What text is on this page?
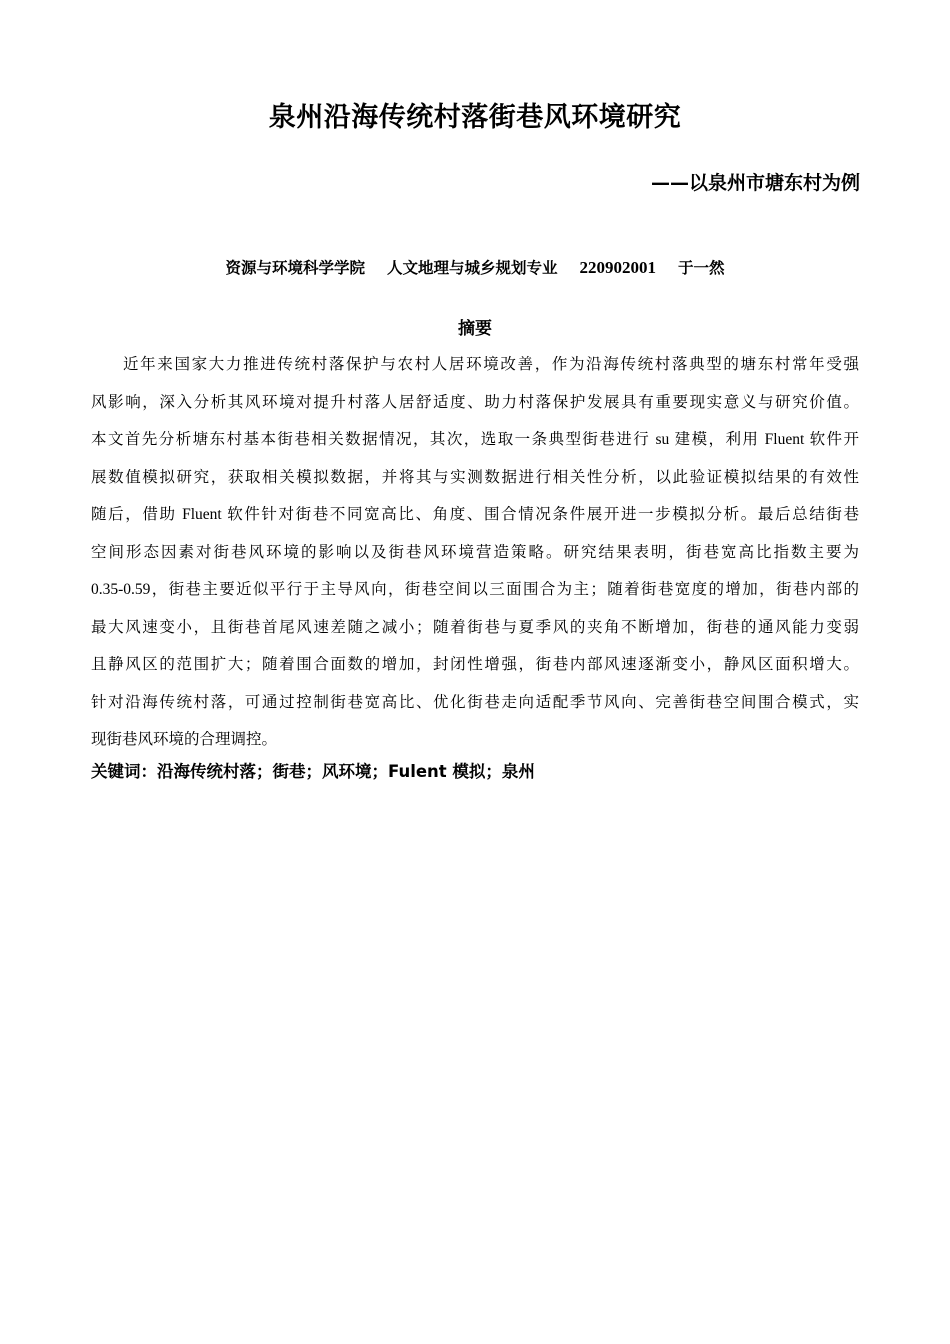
泉州沿海传统村落街巷风环境研究
——以泉州市塘东村为例
资源与环境科学学院 人文地理与城乡规划专业 220902001 于一然
摘要
近年来国家大力推进传统村落保护与农村人居环境改善，作为沿海传统村落典型的塘东村常年受强
风影响，深入分析其风环境对提升村落人居舒适度、助力村落保护发展具有重要现实意义与研究价值。
本文首先分析塘东村基本街巷相关数据情况，其次，选取一条典型街巷进行 su 建模，利用 Fluent 软件开
展数值模拟研究，获取相关模拟数据，并将其与实测数据进行相关性分析，以此验证模拟结果的有效性
随后，借助 Fluent 软件针对街巷不同宽高比、角度、围合情况条件展开进一步模拟分析。最后总结街巷
空间形态因素对街巷风环境的影响以及街巷风环境营造策略。研究结果表明，街巷宽高比指数主要为
0.35-0.59，街巷主要近似平行于主导风向，街巷空间以三面围合为主；随着街巷宽度的增加，街巷内部的
最大风速变小，且街巷首尾风速差随之减小；随着街巷与夏季风的夹角不断增加，街巷的通风能力变弱
且静风区的范围扩大；随着围合面数的增加，封闭性增强，街巷内部风速逐渐变小，静风区面积增大。
针对沿海传统村落，可通过控制街巷宽高比、优化街巷走向适配季节风向、完善街巷空间围合模式，实
现街巷风环境的合理调控。
关键词：沿海传统村落；街巷；风环境；Fulent 模拟；泉州
